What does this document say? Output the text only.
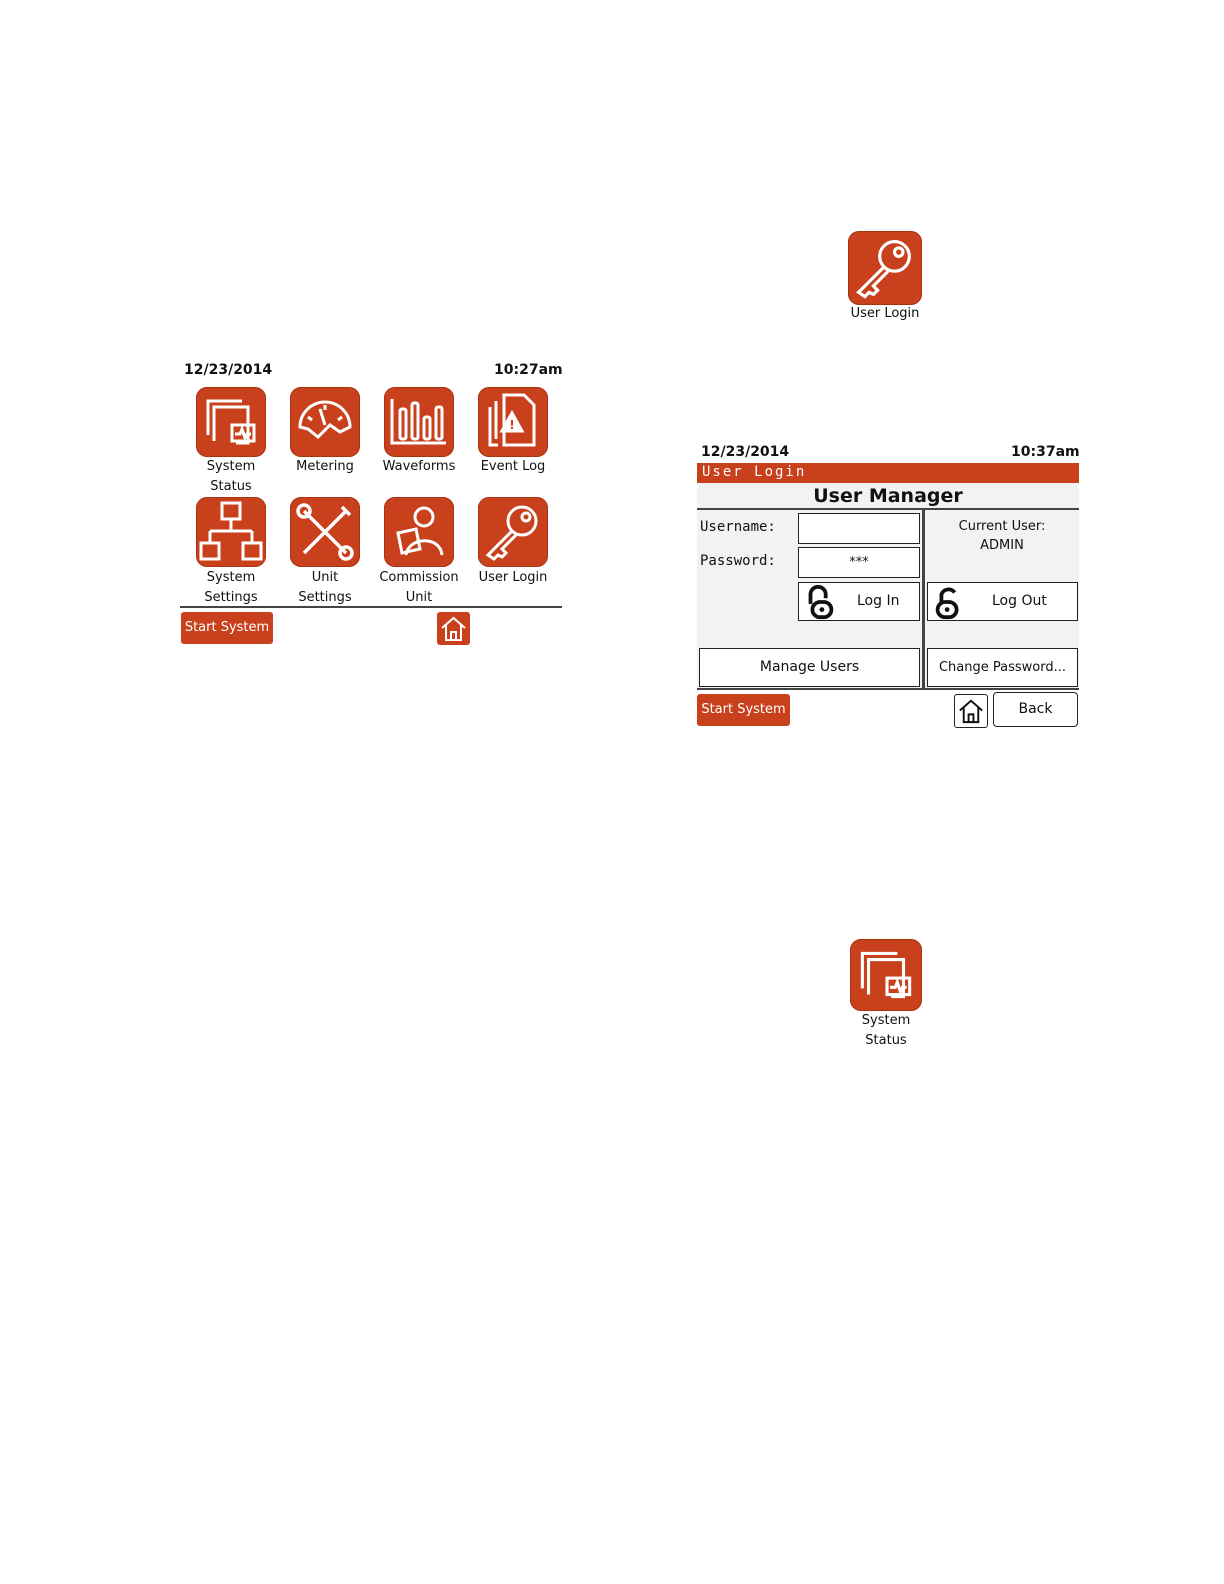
12/23/2014	10:27am
System
Status
Metering	Waveforms
!
Event Log
System
Settings
Unit
Settings
Commission
Unit
User Login
Start System
User Login
12/23/2014	10:37am
User Login
User Manager
Username:
Password:	***
Current User:
ADMIN
Log In	Log Out
Manage Users	Change Password...
Start System	Back
System
Status
